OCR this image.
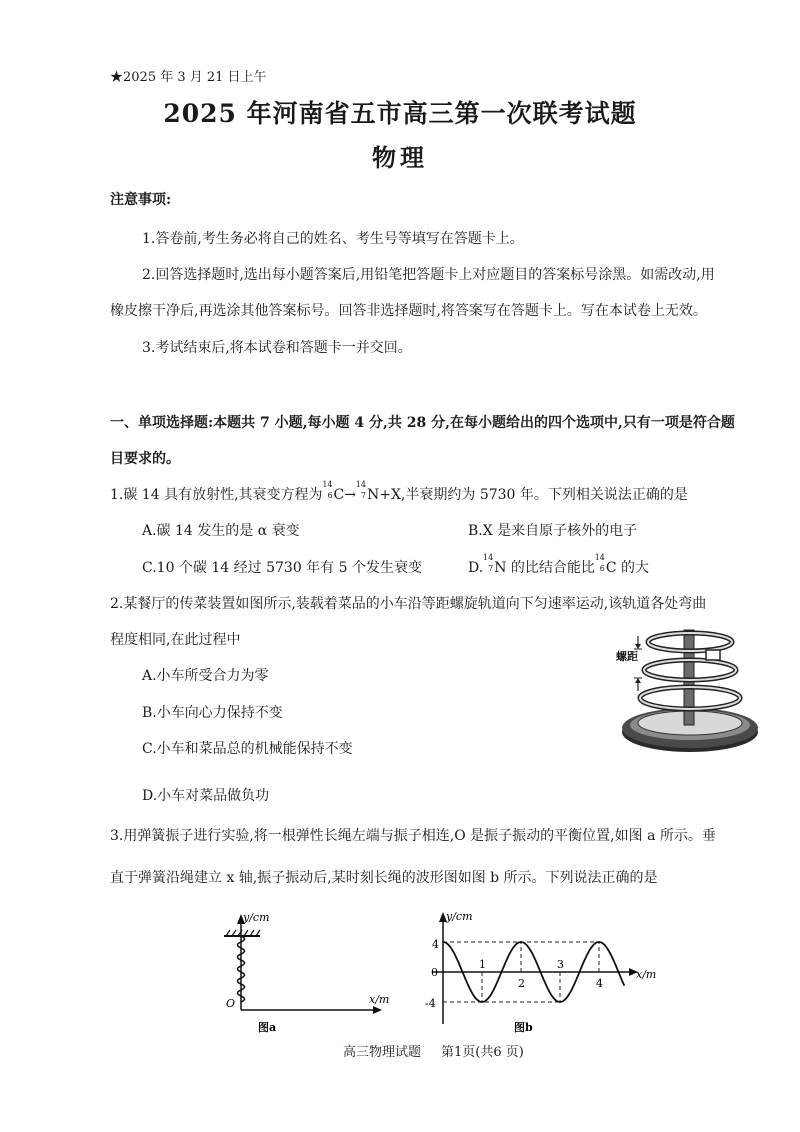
★2025 年 3 月 21 日上午
2025 年河南省五市高三第一次联考试题
物理
注意事项:
1.答卷前,考生务必将自己的姓名、考生号等填写在答题卡上。
2.回答选择题时,选出每小题答案后,用铅笔把答题卡上对应题目的答案标号涂黑。如需改动,用
橡皮擦干净后,再选涂其他答案标号。回答非选择题时,将答案写在答题卡上。写在本试卷上无效。
3.考试结束后,将本试卷和答题卡一并交回。
一、单项选择题:本题共 7 小题,每小题 4 分,共 28 分,在每小题给出的四个选项中,只有一项是符合题
目要求的。
1.碳 14 具有放射性,其衰变方程为
14
6 C→
14
7 N+X,半衰期约为 5730 年。下列相关说法正确的是
A.碳 14 发生的是 α 衰变	B.X 是来自原子核外的电子
C.10 个碳 14 经过 5730 年有 5 个发生衰变	D.
14
7 N 的比结合能比
14
6 C 的大
2.某餐厅的传菜装置如图所示,装载着菜品的小车沿等距螺旋轨道向下匀速率运动,该轨道各处弯曲
程度相同,在此过程中
A.小车所受合力为零
B.小车向心力保持不变
C.小车和菜品总的机械能保持不变
D.小车对菜品做负功
螺距
3.用弹簧振子进行实验,将一根弹性长绳左端与振子相连,O 是振子振动的平衡位置,如图 a 所示。垂
直于弹簧沿绳建立 x 轴,振子振动后,某时刻长绳的波形图如图 b 所示。下列说法正确的是
y/cm
x/m
O
图a
1
2
3
4
y/cm
x/m
4
0
-4
图b
高三物理试题 第1页(共6 页)
